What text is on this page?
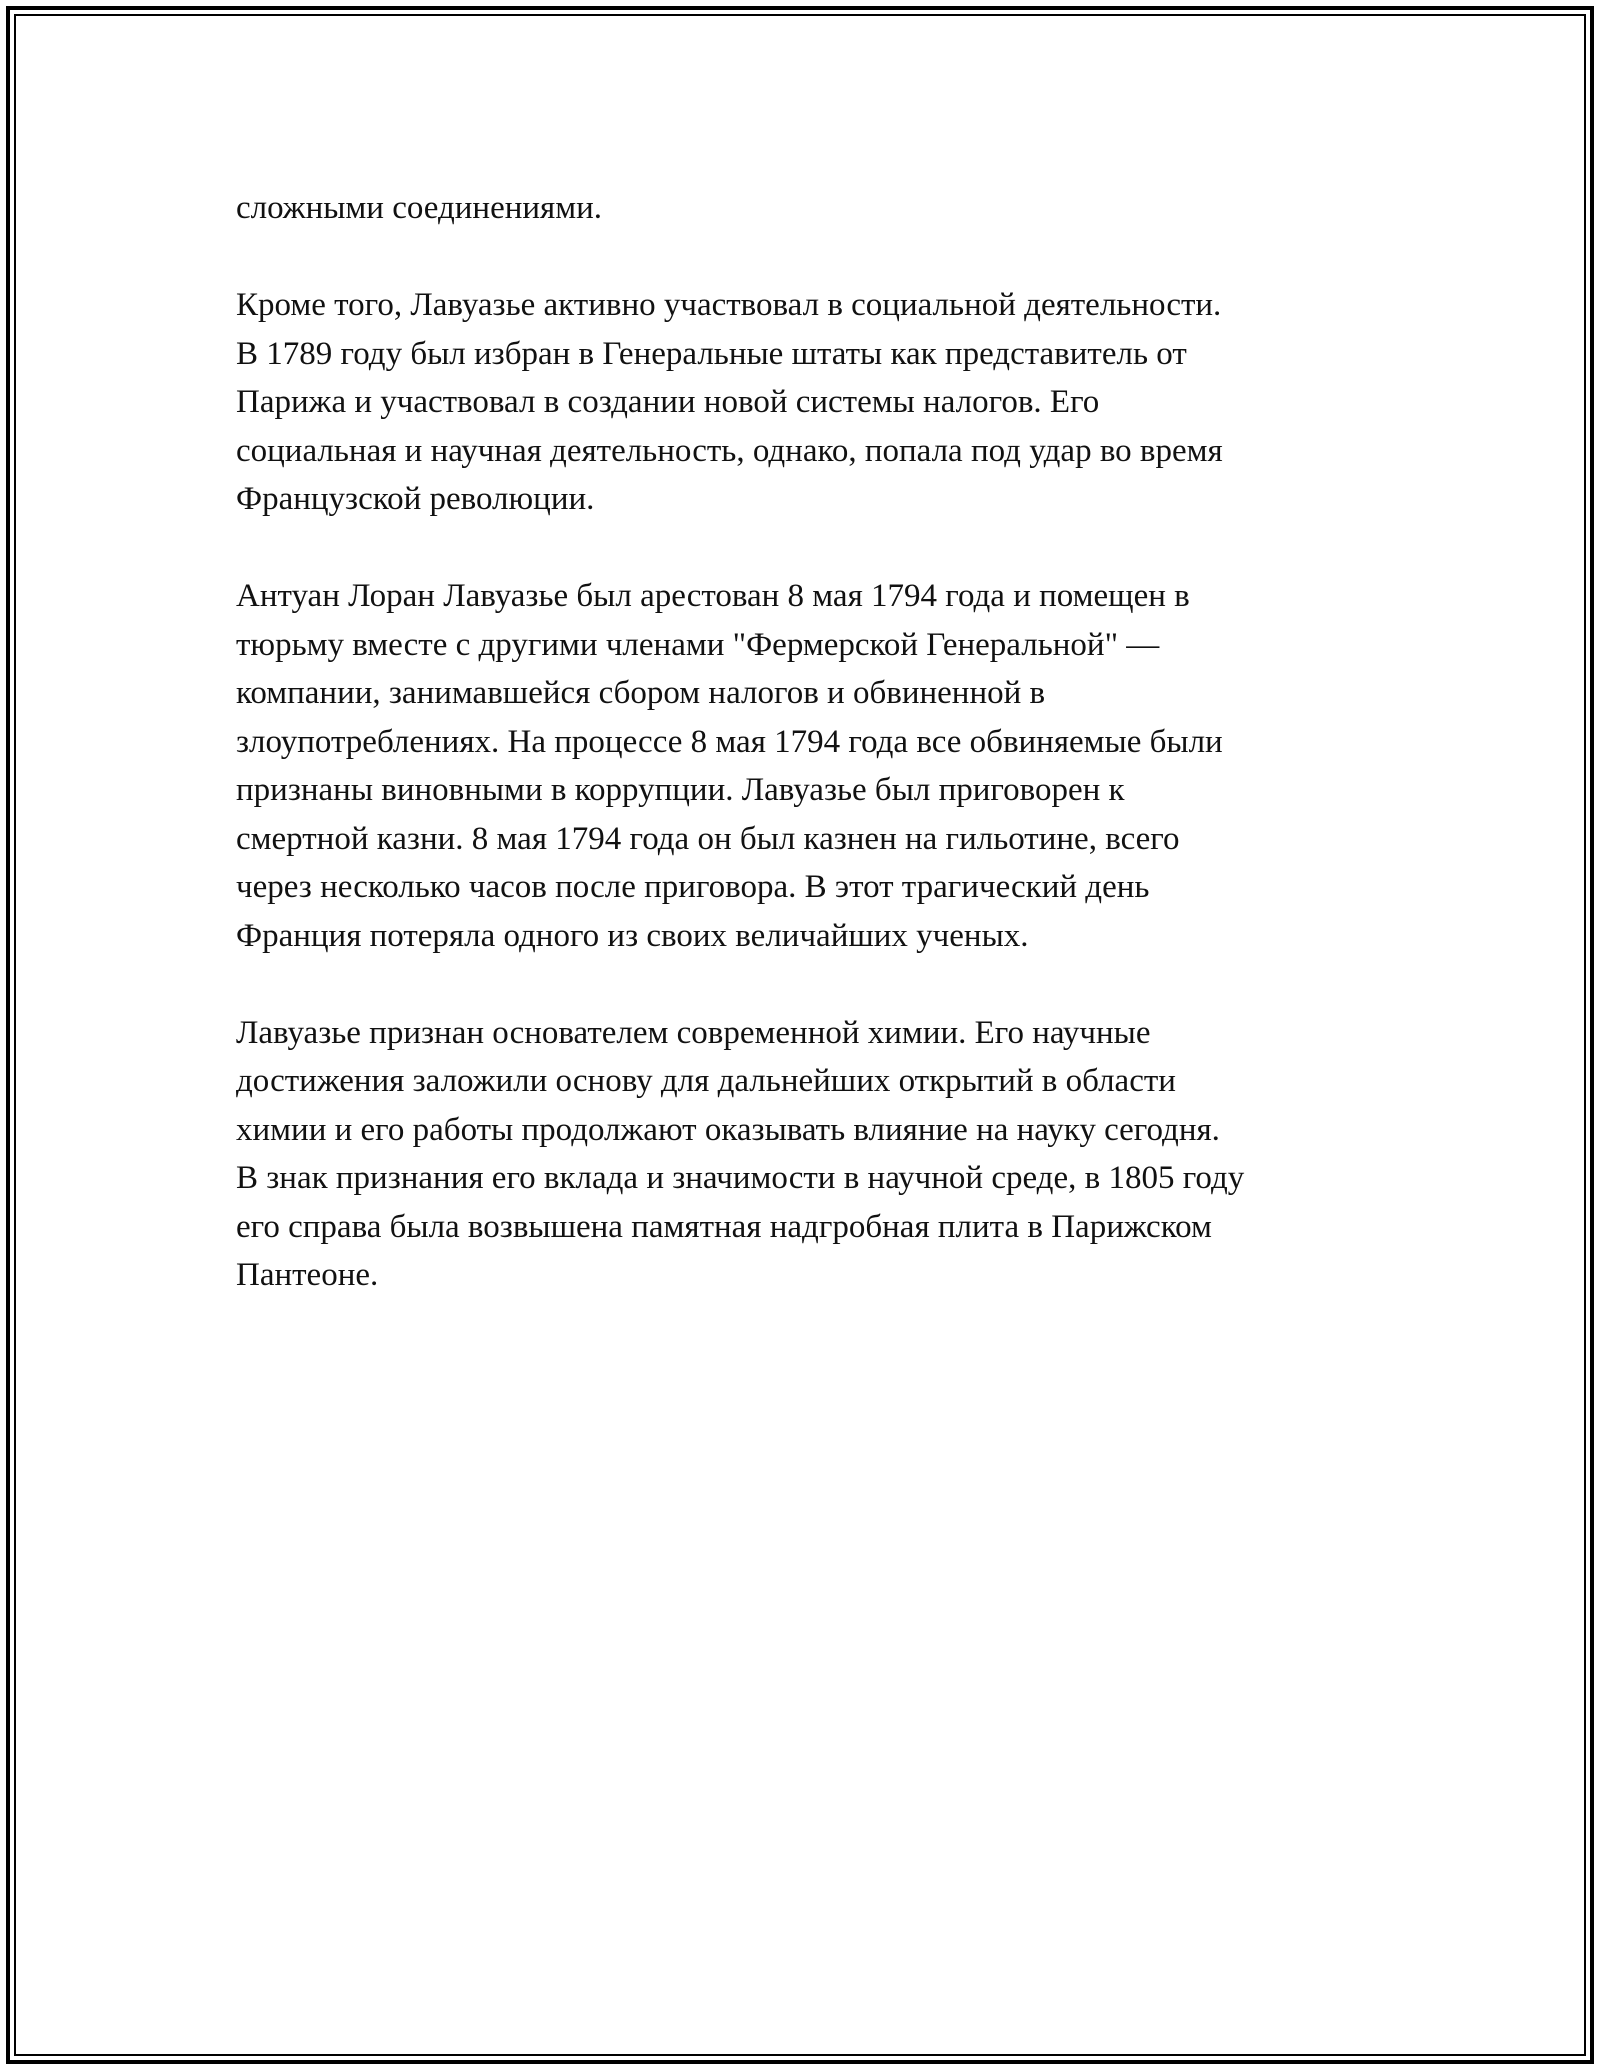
сложными соединениями.

Кроме того, Лавуазье активно участвовал в социальной деятельности.
В 1789 году был избран в Генеральные штаты как представитель от
Парижа и участвовал в создании новой системы налогов. Его
социальная и научная деятельность, однако, попала под удар во время
Французской революции.

Антуан Лоран Лавуазье был арестован 8 мая 1794 года и помещен в
тюрьму вместе с другими членами "Фермерской Генеральной" —
компании, занимавшейся сбором налогов и обвиненной в
злоупотреблениях. На процессе 8 мая 1794 года все обвиняемые были
признаны виновными в коррупции. Лавуазье был приговорен к
смертной казни. 8 мая 1794 года он был казнен на гильотине, всего
через несколько часов после приговора. В этот трагический день
Франция потеряла одного из своих величайших ученых.

Лавуазье признан основателем современной химии. Его научные
достижения заложили основу для дальнейших открытий в области
химии и его работы продолжают оказывать влияние на науку сегодня.
В знак признания его вклада и значимости в научной среде, в 1805 году
его справа была возвышена памятная надгробная плита в Парижском
Пантеоне.
